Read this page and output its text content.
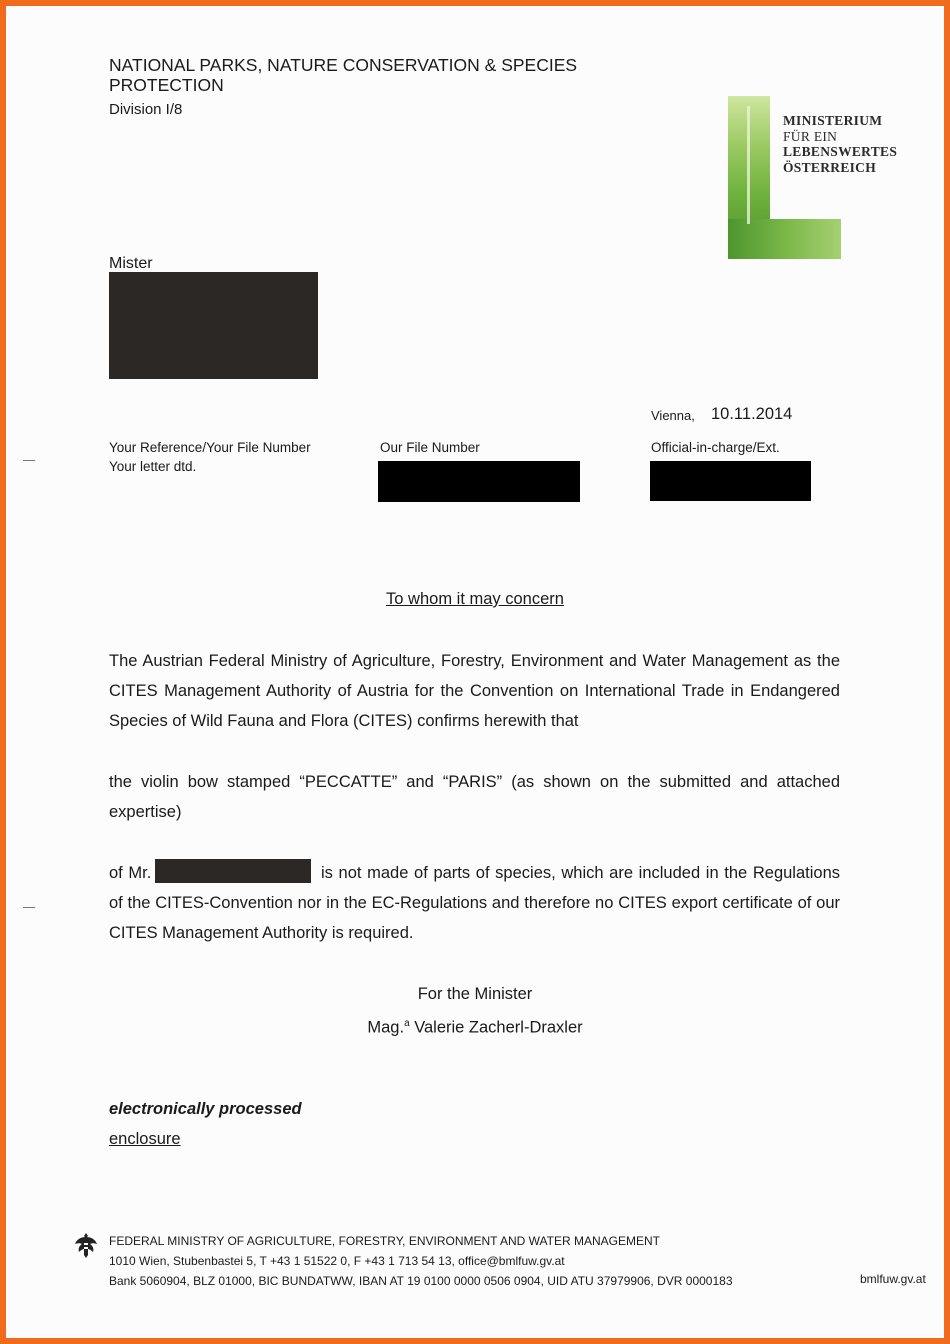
NATIONAL PARKS, NATURE CONSERVATION & SPECIES PROTECTION
Division I/8
MINISTERIUM
FÜR EIN
LEBENSWERTES
ÖSTERREICH
Mister
Vienna, 10.11.2014
Your Reference/Your File Number
Your letter dtd.
Our File Number	Official-in-charge/Ext.
To whom it may concern
The Austrian Federal Ministry of Agriculture, Forestry, Environment and Water Management as the CITES Management Authority of Austria for the Convention on International Trade in Endangered Species of Wild Fauna and Flora (CITES) confirms herewith that
the violin bow stamped “PECCATTE” and “PARIS” (as shown on the submitted and attached expertise)
of Mr.	is not made of parts of species, which are included in the Regulations of the CITES-Convention nor in the EC-Regulations and therefore no CITES export certificate of our CITES Management Authority is required.
For the Minister
Mag.$^a$ Valerie Zacherl-Draxler
electronically processed
enclosure
FEDERAL MINISTRY OF AGRICULTURE, FORESTRY, ENVIRONMENT AND WATER MANAGEMENT
1010 Wien, Stubenbastei 5, T +43 1 51522 0, F +43 1 713 54 13, office@bmlfuw.gv.at
Bank 5060904, BLZ 01000, BIC BUNDATWW, IBAN AT 19 0100 0000 0506 0904, UID ATU 37979906, DVR 0000183	bmlfuw.gv.at
